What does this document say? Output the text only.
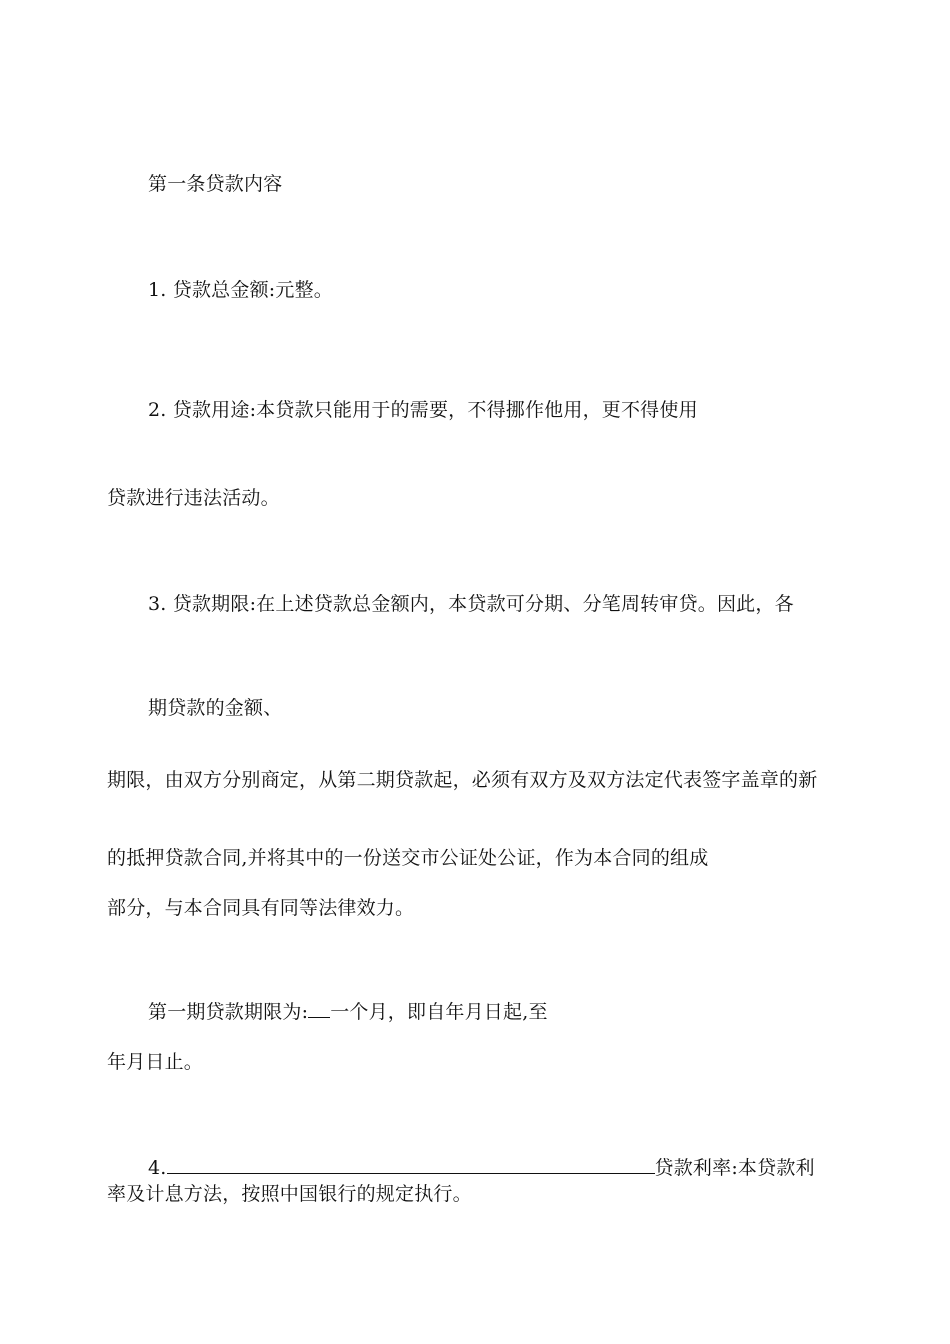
第一条贷款内容
1. 贷款总金额:元整。
2. 贷款用途:本贷款只能用于的需要，不得挪作他用，更不得使用
贷款进行违法活动。
3. 贷款期限:在上述贷款总金额内，本贷款可分期、分笔周转审贷。因此，各
期贷款的金额、
期限，由双方分别商定，从第二期贷款起，必须有双方及双方法定代表签字盖章的新
的抵押贷款合同,并将其中的一份送交市公证处公证，作为本合同的组成
部分，与本合同具有同等法律效力。
第一期贷款期限为: 一个月，即自年月日起,至
年月日止。
4.	贷款利率:本贷款利
率及计息方法，按照中国银行的规定执行。
